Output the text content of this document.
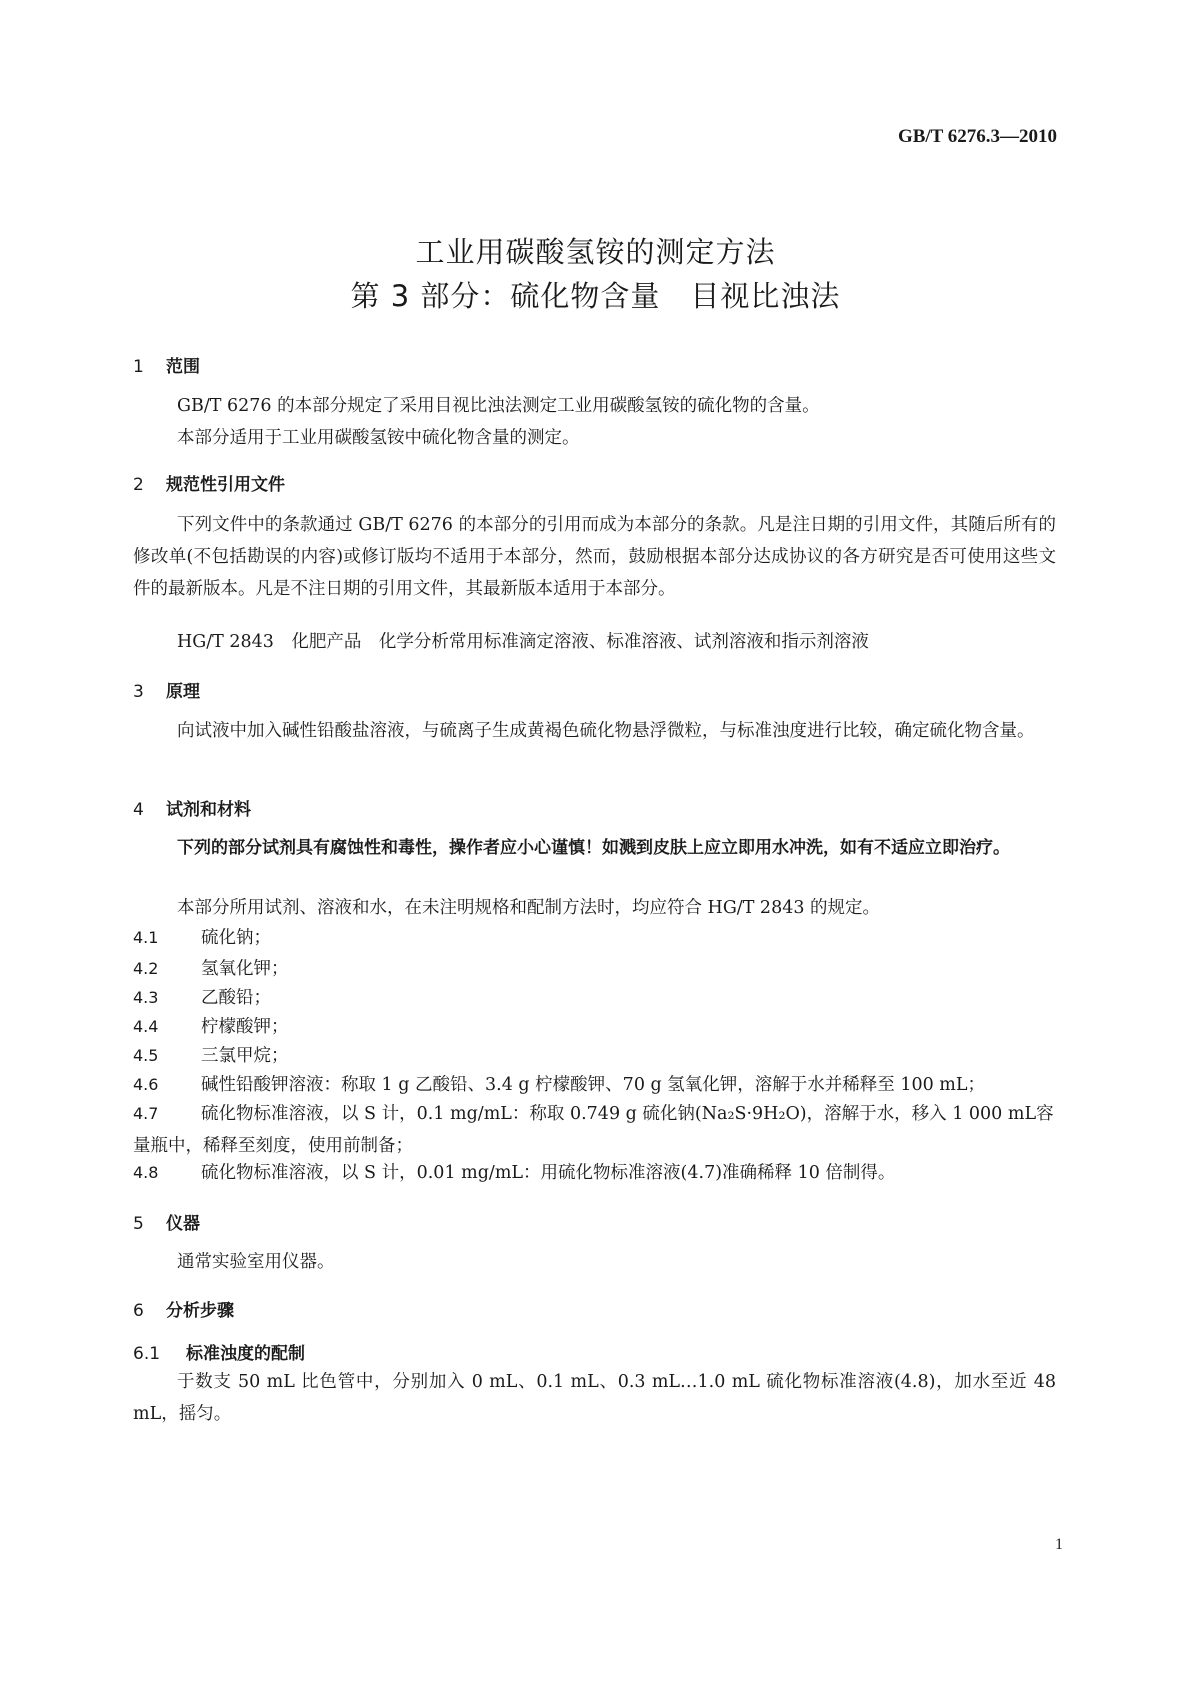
GB/T 6276.3—2010
工业用碳酸氢铵的测定方法
第 3 部分：硫化物含量　目视比浊法
1 范围
GB/T 6276 的本部分规定了采用目视比浊法测定工业用碳酸氢铵的硫化物的含量。
本部分适用于工业用碳酸氢铵中硫化物含量的测定。
2 规范性引用文件
下列文件中的条款通过 GB/T 6276 的本部分的引用而成为本部分的条款。凡是注日期的引用文件，其随后所有的修改单(不包括勘误的内容)或修订版均不适用于本部分，然而，鼓励根据本部分达成协议的各方研究是否可使用这些文件的最新版本。凡是不注日期的引用文件，其最新版本适用于本部分。
HG/T 2843　化肥产品　化学分析常用标准滴定溶液、标准溶液、试剂溶液和指示剂溶液
3 原理
向试液中加入碱性铅酸盐溶液，与硫离子生成黄褐色硫化物悬浮微粒，与标准浊度进行比较，确定硫化物含量。
4 试剂和材料
下列的部分试剂具有腐蚀性和毒性，操作者应小心谨慎！如溅到皮肤上应立即用水冲洗，如有不适应立即治疗。
本部分所用试剂、溶液和水，在未注明规格和配制方法时，均应符合 HG/T 2843 的规定。
4.1 硫化钠；
4.2 氢氧化钾；
4.3 乙酸铅；
4.4 柠檬酸钾；
4.5 三氯甲烷；
4.6 碱性铅酸钾溶液：称取 1 g 乙酸铅、3.4 g 柠檬酸钾、70 g 氢氧化钾，溶解于水并稀释至 100 mL；
4.7 硫化物标准溶液，以 S 计，0.1 mg/mL：称取 0.749 g 硫化钠(Na₂S·9H₂O)，溶解于水，移入 1 000 mL容量瓶中，稀释至刻度，使用前制备；
4.8 硫化物标准溶液，以 S 计，0.01 mg/mL：用硫化物标准溶液(4.7)准确稀释 10 倍制得。
5 仪器
通常实验室用仪器。
6 分析步骤
6.1 标准浊度的配制
于数支 50 mL 比色管中，分别加入 0 mL、0.1 mL、0.3 mL…1.0 mL 硫化物标准溶液(4.8)，加水至近 48 mL，摇匀。
1
